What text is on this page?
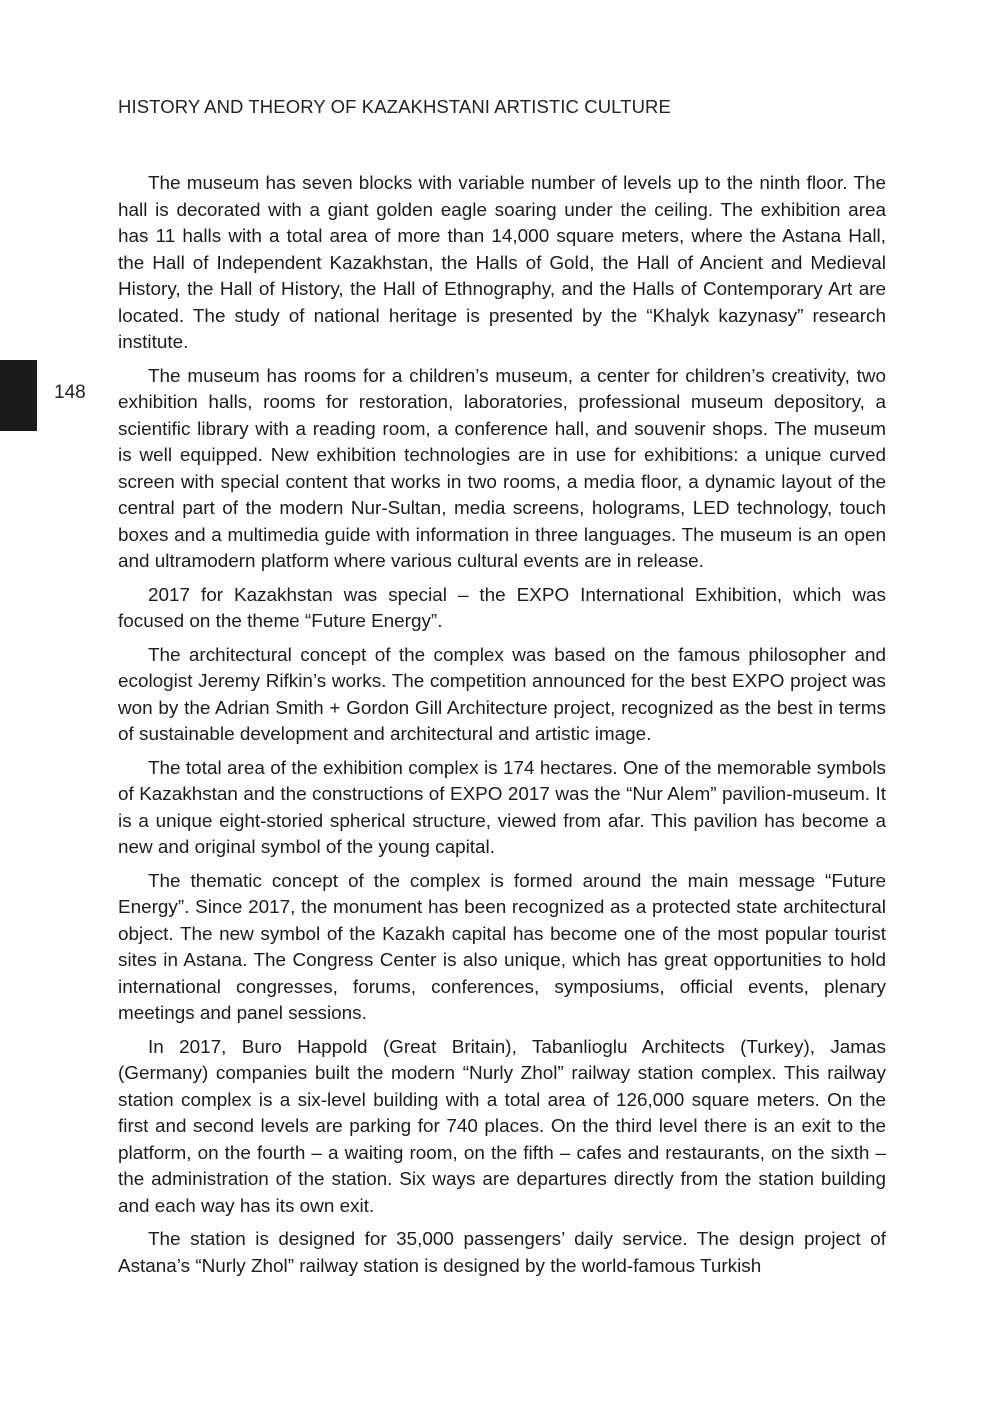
HISTORY AND THEORY OF KAZAKHSTANI ARTISTIC CULTURE
148

The museum has seven blocks with variable number of levels up to the ninth floor. The hall is decorated with a giant golden eagle soaring under the ceiling. The exhibition area has 11 halls with a total area of more than 14,000 square meters, where the Astana Hall, the Hall of Independent Kazakhstan, the Halls of Gold, the Hall of Ancient and Medieval History, the Hall of History, the Hall of Ethnography, and the Halls of Contemporary Art are located. The study of national heritage is presented by the “Khalyk kazynasy” research institute.

The museum has rooms for a children’s museum, a center for children’s creativity, two exhibition halls, rooms for restoration, laboratories, professional museum depository, a scientific library with a reading room, a conference hall, and souvenir shops. The museum is well equipped. New exhibition technologies are in use for exhibitions: a unique curved screen with special content that works in two rooms, a media floor, a dynamic layout of the central part of the modern Nur-Sultan, media screens, holograms, LED technology, touch boxes and a multimedia guide with information in three languages. The museum is an open and ultramodern platform where various cultural events are in release.

2017 for Kazakhstan was special – the EXPO International Exhibition, which was focused on the theme “Future Energy”.

The architectural concept of the complex was based on the famous philosopher and ecologist Jeremy Rifkin’s works. The competition announced for the best EXPO project was won by the Adrian Smith + Gordon Gill Architecture project, recognized as the best in terms of sustainable development and architectural and artistic image.

The total area of the exhibition complex is 174 hectares. One of the memorable symbols of Kazakhstan and the constructions of EXPO 2017 was the “Nur Alem” pavilion-museum. It is a unique eight-storied spherical structure, viewed from afar. This pavilion has become a new and original symbol of the young capital.

The thematic concept of the complex is formed around the main message “Future Energy”. Since 2017, the monument has been recognized as a protected state architectural object. The new symbol of the Kazakh capital has become one of the most popular tourist sites in Astana. The Congress Center is also unique, which has great opportunities to hold international congresses, forums, conferences, symposiums, official events, plenary meetings and panel sessions.

In 2017, Buro Happold (Great Britain), Tabanlioglu Architects (Turkey), Jamas (Germany) companies built the modern “Nurly Zhol” railway station complex. This railway station complex is a six-level building with a total area of 126,000 square meters. On the first and second levels are parking for 740 places. On the third level there is an exit to the platform, on the fourth – a waiting room, on the fifth – cafes and restaurants, on the sixth – the administration of the station. Six ways are departures directly from the station building and each way has its own exit.

The station is designed for 35,000 passengers’ daily service. The design project of Astana’s “Nurly Zhol” railway station is designed by the world-famous Turkish
